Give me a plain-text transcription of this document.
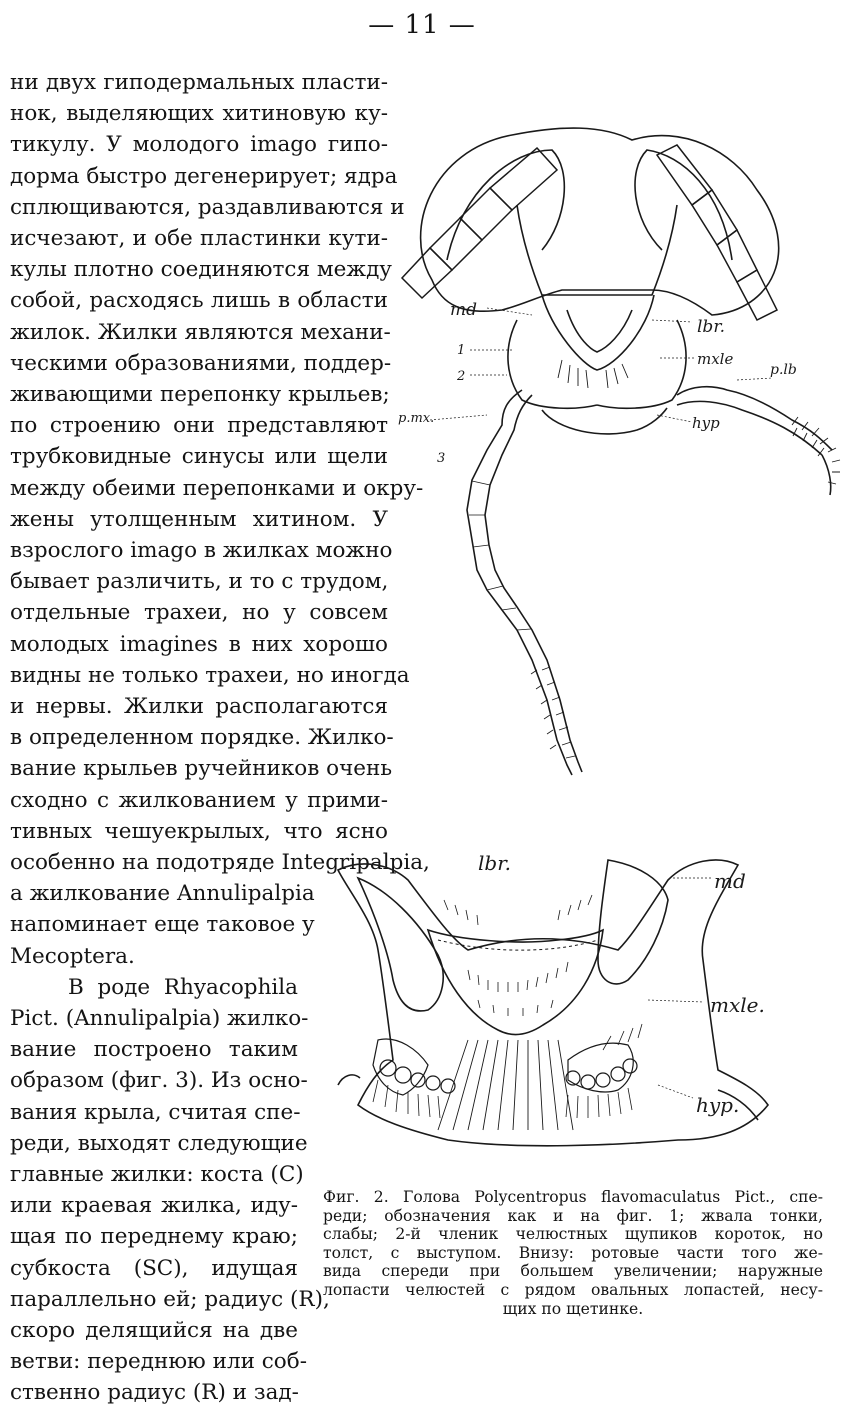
— 11 —
ни двух гиподермальных пласти-
нок, выделяющих хитиновую ку-
тикулу. У молодого imago гипо-
дорма быстро дегенерирует; ядра
сплющиваются, раздавливаются и
исчезают, и обе пластинки кути-
кулы плотно соединяются между
собой, расходясь лишь в области
жилок. Жилки являются механи-
ческими образованиями, поддер-
живающими перепонку крыльев;
по строению они представляют
трубковидные синусы или щели
между обеими перепонками и окру-
жены утолщенным хитином. У
взрослого imago в жилках можно
бывает различить, и то с трудом,
отдельные трахеи, но у совсем
молодых imagines в них хорошо
видны не только трахеи, но иногда
и нервы. Жилки располагаются
в определенном порядке. Жилко-
вание крыльев ручейников очень
сходно с жилкованием у прими-
тивных чешуекрылых, что ясно
особенно на подотряде Integripalpia,
а жилкование Annulipalpia
напоминает еще таковое у
Mecoptera.
В роде Rhyacophila
Pict. (Annulipalpia) жилко-
вание построено таким
образом (фиг. 3). Из осно-
вания крыла, считая спе-
реди, выходят следующие
главные жилки: коста (С)
или краевая жилка, иду-
щая по переднему краю;
субкоста (SC), идущая
параллельно ей; радиус (R),
скоро делящийся на две
ветви: переднюю или соб-
ственно радиус (R) и зад-
md
lbr.
mxle
p.lb
hyp
p.mx.
1
2
3
lbr.
md
mxle.
hyp.
Фиг. 2. Голова Polycentropus flavomaculatus Pict., спе-
реди; обозначения как и на фиг. 1; жвала тонки,
слабы; 2-й членик челюстных щупиков короток, но
толст, с выступом. Внизу: ротовые части того же-
вида спереди при большем увеличении; наружные
лопасти челюстей с рядом овальных лопастей, несу-
щих по щетинке.
